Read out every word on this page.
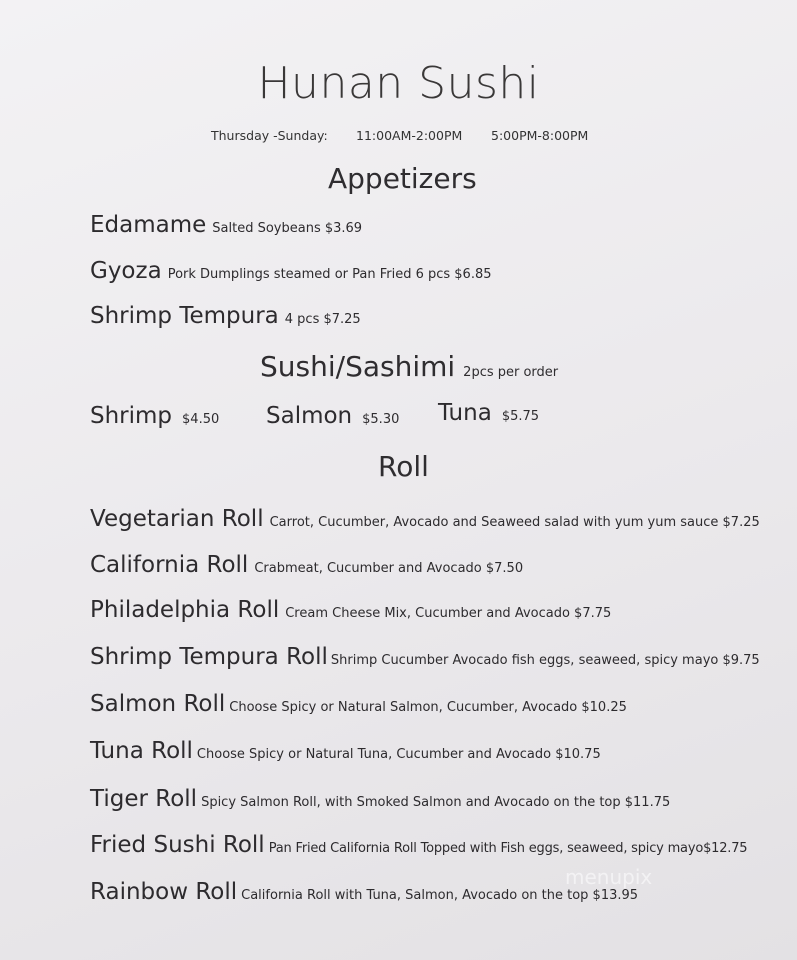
Hunan Sushi
Thursday -Sunday: 11:00AM-2:00PM 5:00PM-8:00PM
Appetizers
Edamame Salted Soybeans $3.69
Gyoza Pork Dumplings steamed or Pan Fried 6 pcs $6.85
Shrimp Tempura 4 pcs $7.25
Sushi/Sashimi 2pcs per order
Shrimp $4.50 Salmon $5.30 Tuna $5.75
Roll
Vegetarian Roll Carrot, Cucumber, Avocado and Seaweed salad with yum yum sauce $7.25
California Roll Crabmeat, Cucumber and Avocado $7.50
Philadelphia Roll Cream Cheese Mix, Cucumber and Avocado $7.75
Shrimp Tempura Roll Shrimp Cucumber Avocado fish eggs, seaweed, spicy mayo $9.75
Salmon Roll Choose Spicy or Natural Salmon, Cucumber, Avocado $10.25
Tuna Roll Choose Spicy or Natural Tuna, Cucumber and Avocado $10.75
Tiger Roll Spicy Salmon Roll, with Smoked Salmon and Avocado on the top $11.75
Fried Sushi Roll Pan Fried California Roll Topped with Fish eggs, seaweed, spicy mayo$12.75
Rainbow Roll California Roll with Tuna, Salmon, Avocado on the top $13.95
menupix
